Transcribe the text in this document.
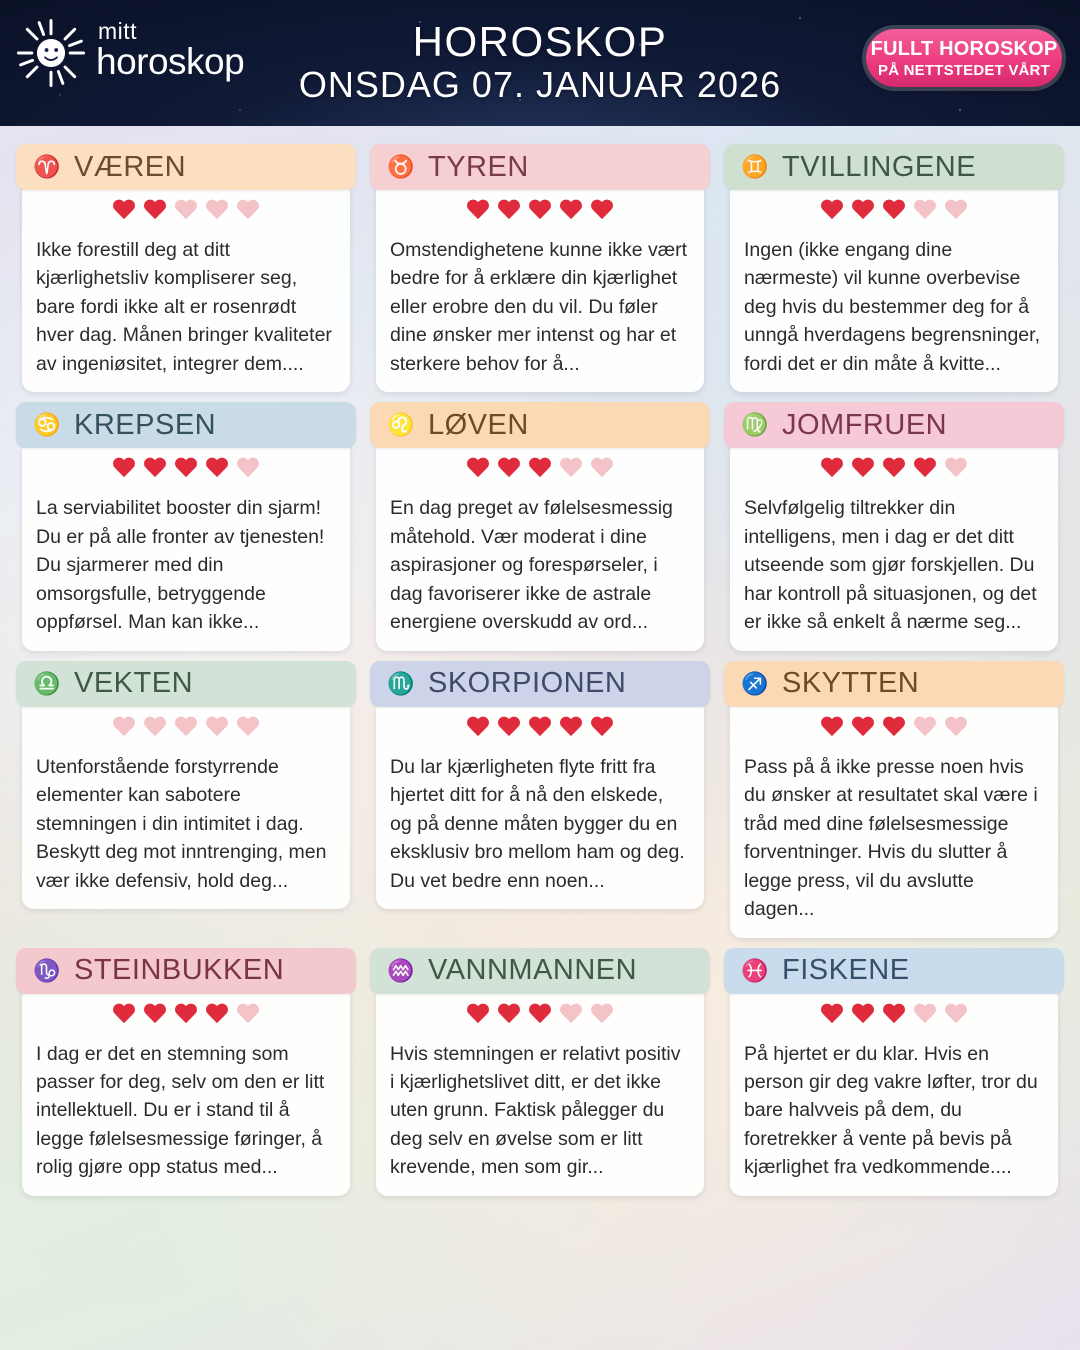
mitt
horoskop	HOROSKOP
ONSDAG 07. JANUAR 2026
FULLT HOROSKOP
PÅ NETTSTEDET VÅRT
♈ VÆREN
Ikke forestill deg at ditt kjærlighetsliv kompliserer seg, bare fordi ikke alt er rosenrødt hver dag. Månen bringer kvaliteter av ingeniøsitet, integrer dem....
♉ TYREN
Omstendighetene kunne ikke vært bedre for å erklære din kjærlighet eller erobre den du vil. Du føler dine ønsker mer intenst og har et sterkere behov for å...
♊ TVILLINGENE
Ingen (ikke engang dine nærmeste) vil kunne overbevise deg hvis du bestemmer deg for å unngå hverdagens begrensninger, fordi det er din måte å kvitte...
♋ KREPSEN
La serviabilitet booster din sjarm! Du er på alle fronter av tjenesten! Du sjarmerer med din omsorgsfulle, betryggende oppførsel. Man kan ikke...
♌ LØVEN
En dag preget av følelsesmessig måtehold. Vær moderat i dine aspirasjoner og forespørseler, i dag favoriserer ikke de astrale energiene overskudd av ord...
♍ JOMFRUEN
Selvfølgelig tiltrekker din intelligens, men i dag er det ditt utseende som gjør forskjellen. Du har kontroll på situasjonen, og det er ikke så enkelt å nærme seg...
♎ VEKTEN
Utenforstående forstyrrende elementer kan sabotere stemningen i din intimitet i dag. Beskytt deg mot inntrenging, men vær ikke defensiv, hold deg...
♏ SKORPIONEN
Du lar kjærligheten flyte fritt fra hjertet ditt for å nå den elskede, og på denne måten bygger du en eksklusiv bro mellom ham og deg. Du vet bedre enn noen...
♐ SKYTTEN
Pass på å ikke presse noen hvis du ønsker at resultatet skal være i tråd med dine følelsesmessige forventninger. Hvis du slutter å legge press, vil du avslutte dagen...
♑ STEINBUKKEN
I dag er det en stemning som passer for deg, selv om den er litt intellektuell. Du er i stand til å legge følelsesmessige føringer, å rolig gjøre opp status med...
♒ VANNMANNEN
Hvis stemningen er relativt positiv i kjærlighetslivet ditt, er det ikke uten grunn. Faktisk pålegger du deg selv en øvelse som er litt krevende, men som gir...
♓ FISKENE
På hjertet er du klar. Hvis en person gir deg vakre løfter, tror du bare halvveis på dem, du foretrekker å vente på bevis på kjærlighet fra vedkommende....
